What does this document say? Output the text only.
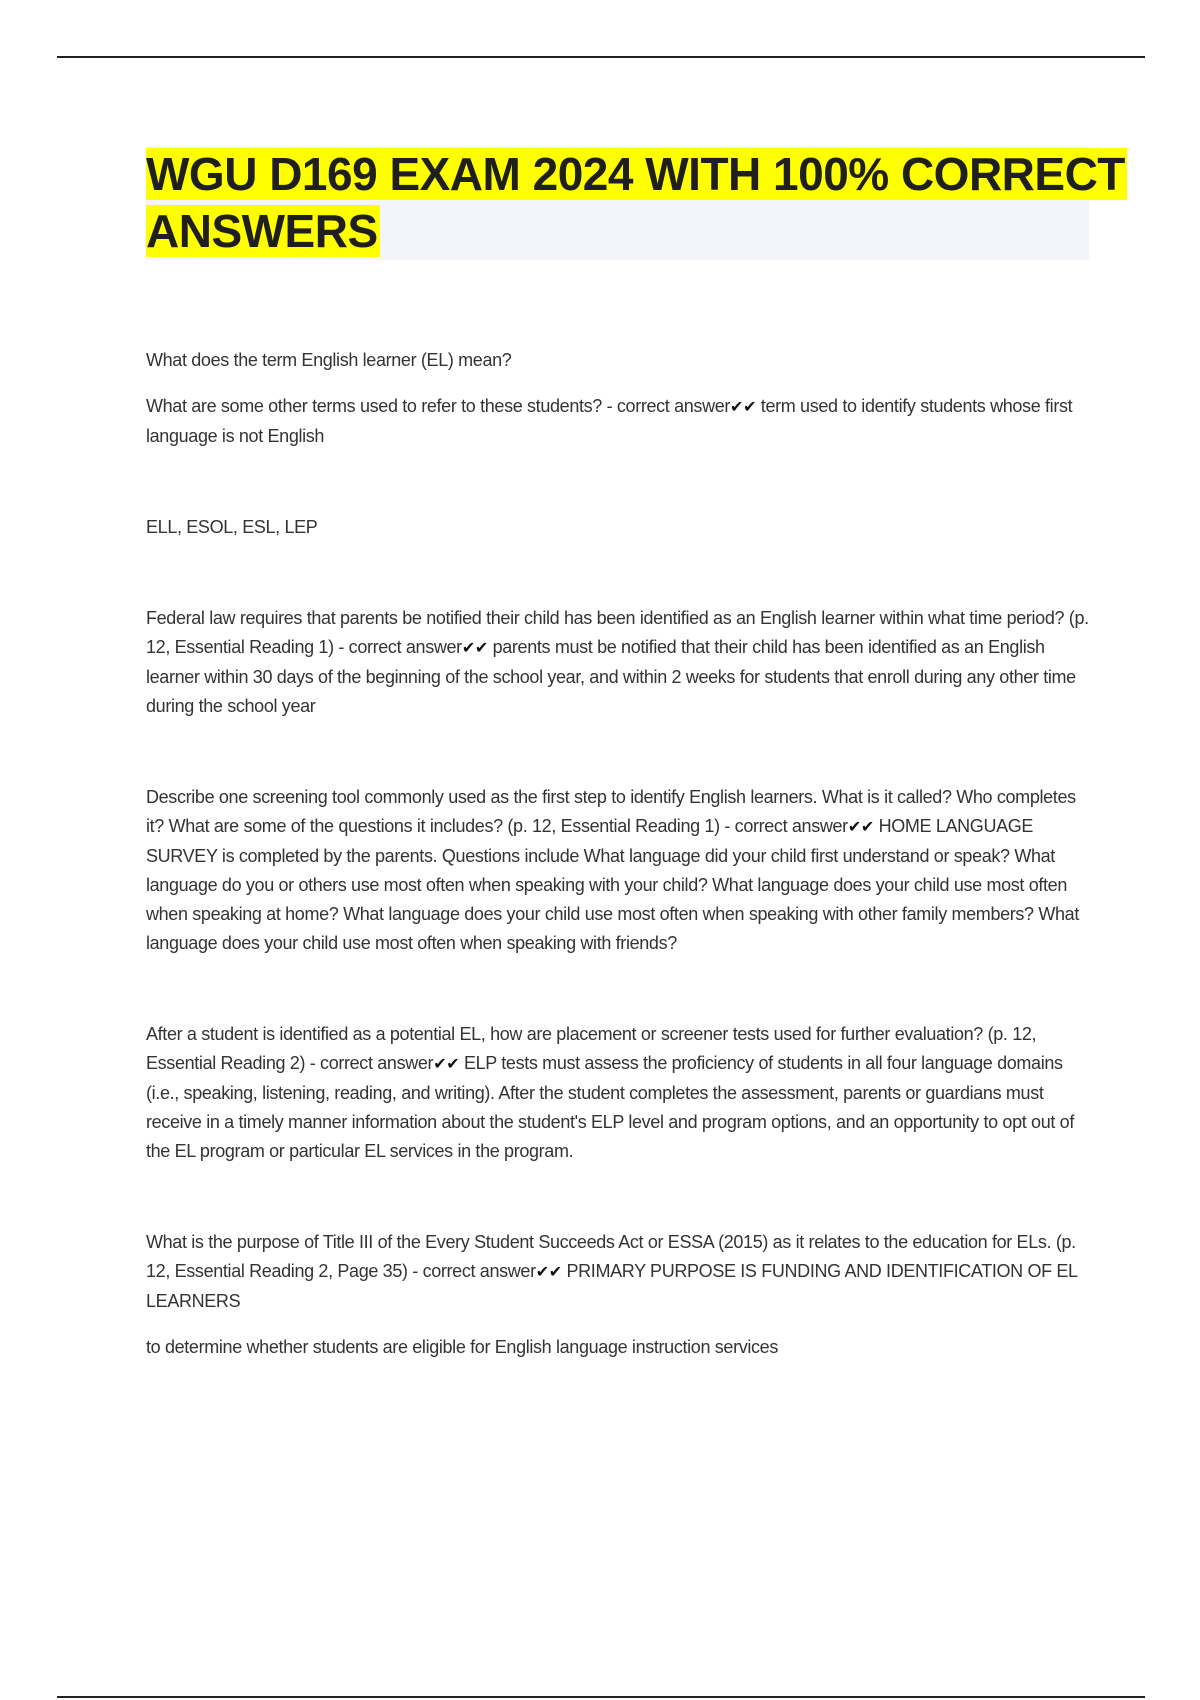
WGU D169 EXAM 2024 WITH 100% CORRECT ANSWERS

What does the term English learner (EL) mean?

What are some other terms used to refer to these students? - correct answer✔✔ term used to identify students whose first language is not English

ELL, ESOL, ESL, LEP

Federal law requires that parents be notified their child has been identified as an English learner within what time period? (p. 12, Essential Reading 1) - correct answer✔✔ parents must be notified that their child has been identified as an English learner within 30 days of the beginning of the school year, and within 2 weeks for students that enroll during any other time during the school year

Describe one screening tool commonly used as the first step to identify English learners. What is it called? Who completes it? What are some of the questions it includes? (p. 12, Essential Reading 1) - correct answer✔✔ HOME LANGUAGE SURVEY is completed by the parents. Questions include What language did your child first understand or speak? What language do you or others use most often when speaking with your child? What language does your child use most often when speaking at home? What language does your child use most often when speaking with other family members? What language does your child use most often when speaking with friends?

After a student is identified as a potential EL, how are placement or screener tests used for further evaluation? (p. 12, Essential Reading 2) - correct answer✔✔ ELP tests must assess the proficiency of students in all four language domains (i.e., speaking, listening, reading, and writing). After the student completes the assessment, parents or guardians must receive in a timely manner information about the student's ELP level and program options, and an opportunity to opt out of the EL program or particular EL services in the program.

What is the purpose of Title III of the Every Student Succeeds Act or ESSA (2015) as it relates to the education for ELs. (p. 12, Essential Reading 2, Page 35) - correct answer✔✔ PRIMARY PURPOSE IS FUNDING AND IDENTIFICATION OF EL LEARNERS

to determine whether students are eligible for English language instruction services
